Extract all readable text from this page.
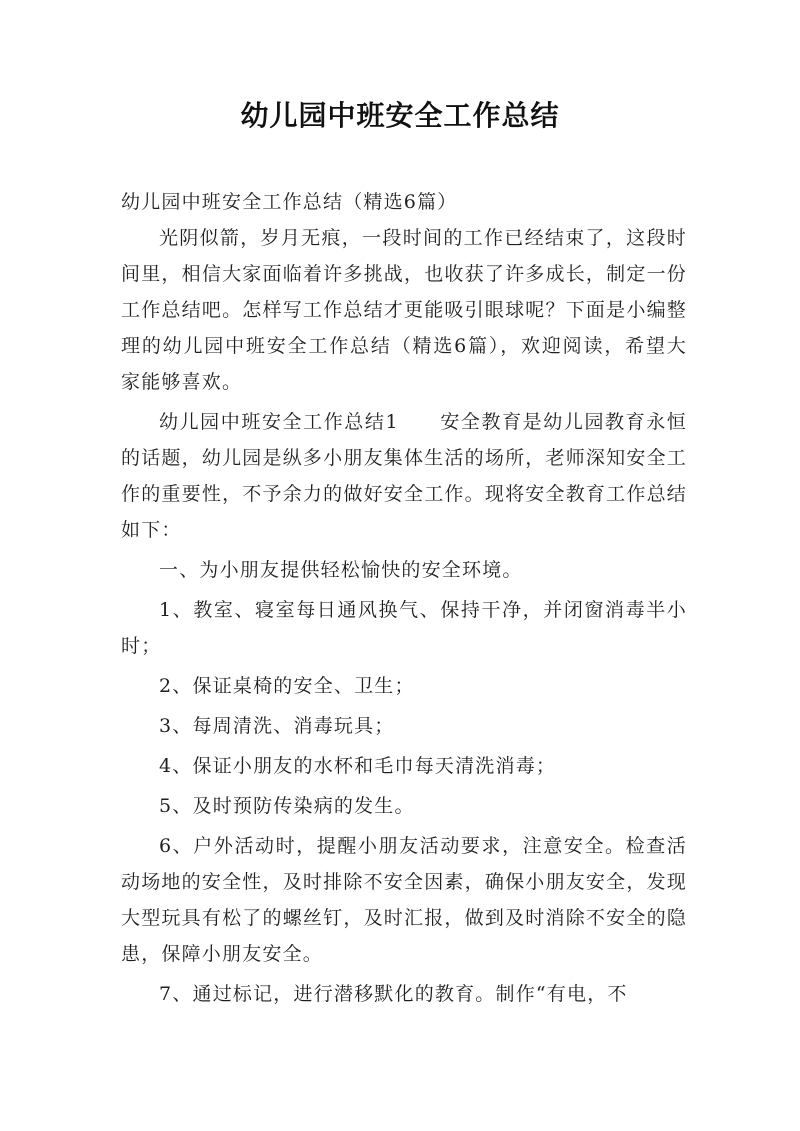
幼儿园中班安全工作总结

幼儿园中班安全工作总结（精选6篇）

光阴似箭，岁月无痕，一段时间的工作已经结束了，这段时间里，相信大家面临着许多挑战，也收获了许多成长，制定一份工作总结吧。怎样写工作总结才更能吸引眼球呢？下面是小编整理的幼儿园中班安全工作总结（精选6篇），欢迎阅读，希望大家能够喜欢。

幼儿园中班安全工作总结1　　安全教育是幼儿园教育永恒的话题，幼儿园是纵多小朋友集体生活的场所，老师深知安全工作的重要性，不予余力的做好安全工作。现将安全教育工作总结如下：

一、为小朋友提供轻松愉快的安全环境。

1、教室、寝室每日通风换气、保持干净，并闭窗消毒半小时；

2、保证桌椅的安全、卫生；

3、每周清洗、消毒玩具；

4、保证小朋友的水杯和毛巾每天清洗消毒；

5、及时预防传染病的发生。

6、户外活动时，提醒小朋友活动要求，注意安全。检查活动场地的安全性，及时排除不安全因素，确保小朋友安全，发现大型玩具有松了的螺丝钉，及时汇报，做到及时消除不安全的隐患，保障小朋友安全。

7、通过标记，进行潜移默化的教育。制作“有电，不
